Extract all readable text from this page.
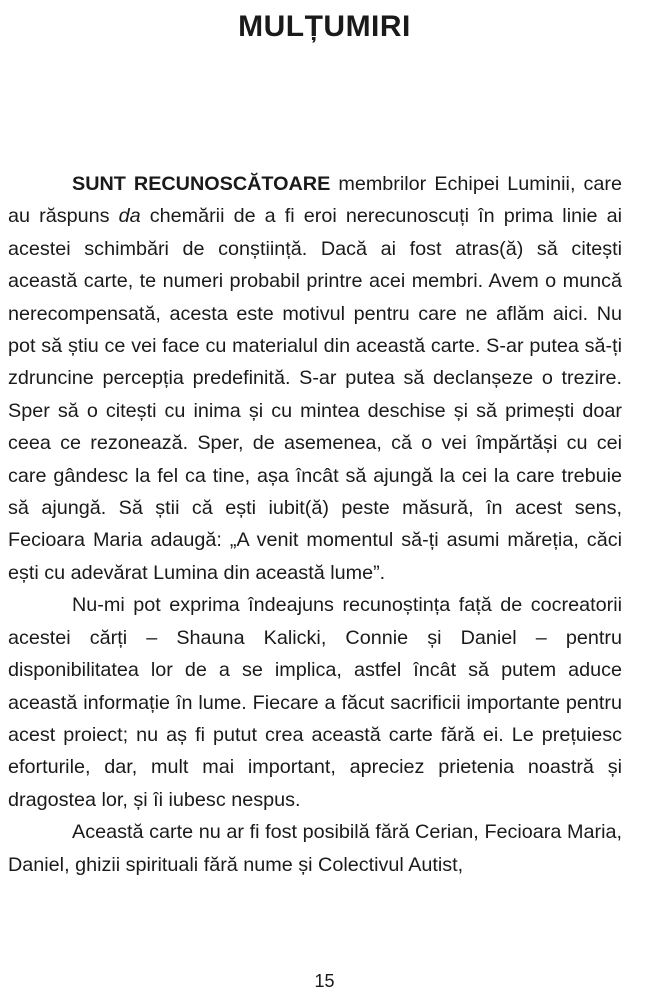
MULȚUMIRI

SUNT RECUNOSCĂTOARE membrilor Echipei Luminii, care au răspuns da chemării de a fi eroi nerecunoscuți în prima linie ai acestei schimbări de conștiință. Dacă ai fost atras(ă) să citești această carte, te numeri probabil printre acei membri. Avem o muncă nerecompensată, acesta este motivul pentru care ne aflăm aici. Nu pot să știu ce vei face cu materialul din această carte. S-ar putea să-ți zdruncine percepția predefinită. S-ar putea să declanșeze o trezire. Sper să o citești cu inima și cu mintea deschise și să primești doar ceea ce rezonează. Sper, de asemenea, că o vei împărtăși cu cei care gândesc la fel ca tine, așa încât să ajungă la cei la care trebuie să ajungă. Să știi că ești iubit(ă) peste măsură, în acest sens, Fecioara Maria adaugă: „A venit momentul să-ți asumi măreția, căci ești cu adevărat Lumina din această lume”.

Nu-mi pot exprima îndeajuns recunoștința față de cocreatorii acestei cărți – Shauna Kalicki, Connie și Daniel – pentru disponibilitatea lor de a se implica, astfel încât să putem aduce această informație în lume. Fiecare a făcut sacrificii importante pentru acest proiect; nu aș fi putut crea această carte fără ei. Le prețuiesc eforturile, dar, mult mai important, apreciez prietenia noastră și dragostea lor, și îi iubesc nespus.

Această carte nu ar fi fost posibilă fără Cerian, Fecioara Maria, Daniel, ghizii spirituali fără nume și Colectivul Autist,

15
